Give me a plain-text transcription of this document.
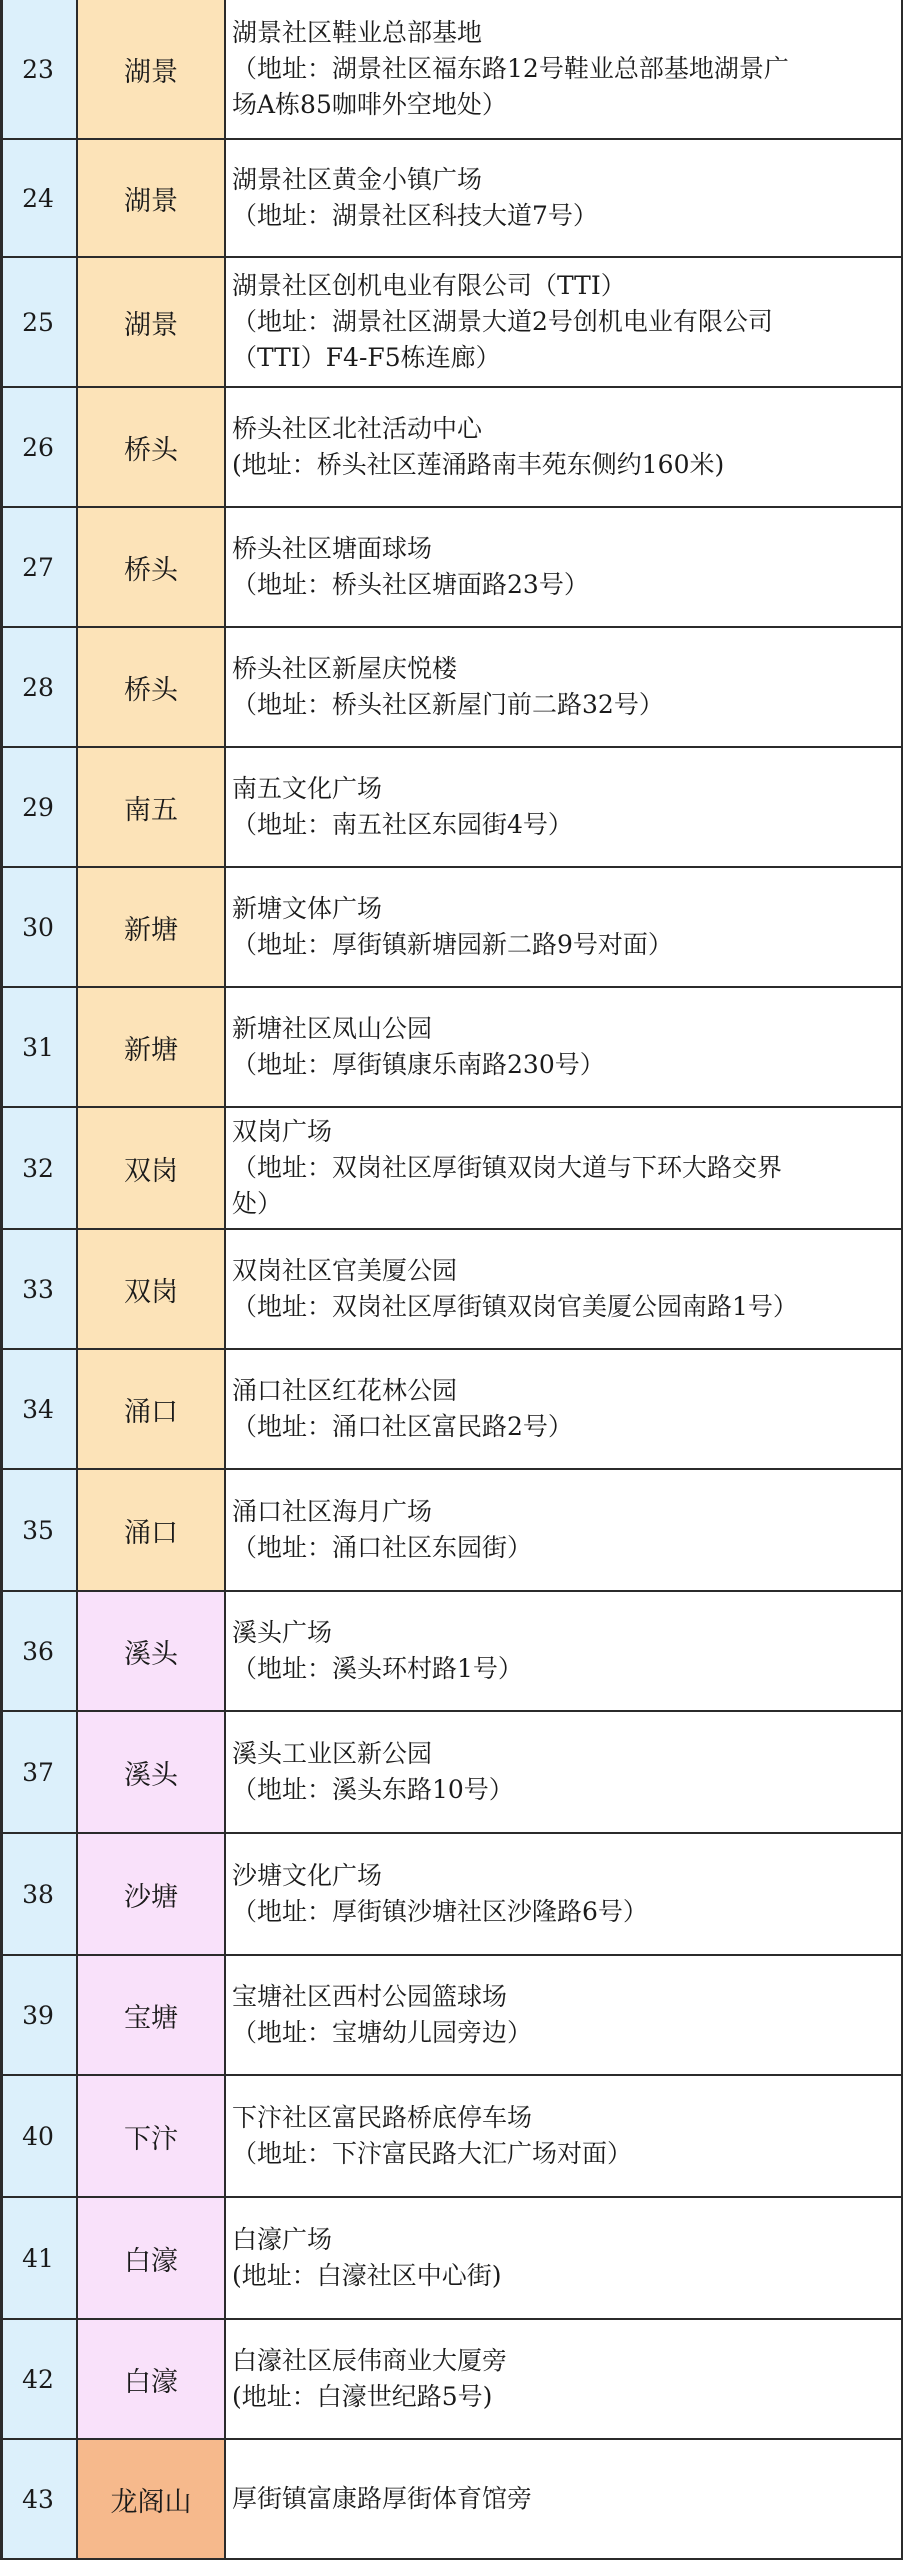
23	湖景
湖景社区鞋业总部基地
（地址：湖景社区福东路12号鞋业总部基地湖景广
场A栋85咖啡外空地处）
24	湖景
湖景社区黄金小镇广场
（地址：湖景社区科技大道7号）
25	湖景
湖景社区创机电业有限公司（TTI）
（地址：湖景社区湖景大道2号创机电业有限公司
（TTI）F4-F5栋连廊）
26	桥头
桥头社区北社活动中心
(地址：桥头社区莲涌路南丰苑东侧约160米)
27	桥头
桥头社区塘面球场
（地址：桥头社区塘面路23号）
28	桥头
桥头社区新屋庆悦楼
（地址：桥头社区新屋门前二路32号）
29	南五
南五文化广场
（地址：南五社区东园街4号）
30	新塘
新塘文体广场
（地址：厚街镇新塘园新二路9号对面）
31	新塘
新塘社区凤山公园
（地址：厚街镇康乐南路230号）
32	双岗
双岗广场
（地址：双岗社区厚街镇双岗大道与下环大路交界
处）
33	双岗
双岗社区官美厦公园
（地址：双岗社区厚街镇双岗官美厦公园南路1号）
34	涌口
涌口社区红花林公园
（地址：涌口社区富民路2号）
35	涌口
涌口社区海月广场
（地址：涌口社区东园街）
36	溪头
溪头广场
（地址：溪头环村路1号）
37	溪头
溪头工业区新公园
（地址：溪头东路10号）
38	沙塘
沙塘文化广场
（地址：厚街镇沙塘社区沙隆路6号）
39	宝塘
宝塘社区西村公园篮球场
（地址：宝塘幼儿园旁边）
40	下汴
下汴社区富民路桥底停车场
（地址：下汴富民路大汇广场对面）
41	白濠
白濠广场
(地址：白濠社区中心街)
42	白濠
白濠社区辰伟商业大厦旁
(地址：白濠世纪路5号)
43	龙阁山	厚街镇富康路厚街体育馆旁
